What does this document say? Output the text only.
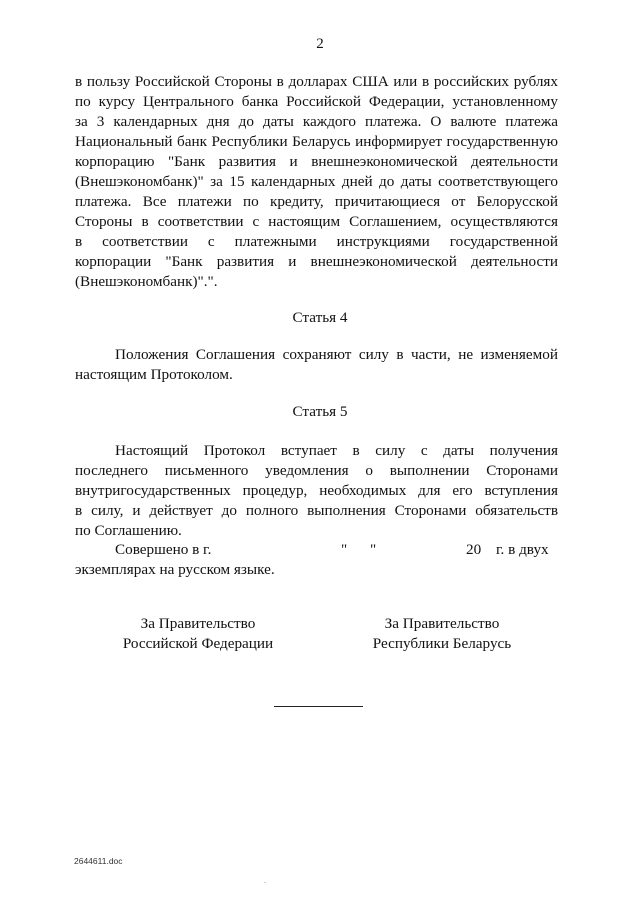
2
в пользу Российской Стороны в долларах США или в российских рублях
по курсу Центрального банка Российской Федерации, установленному
за 3 календарных дня до даты каждого платежа. О валюте платежа
Национальный банк Республики Беларусь информирует государственную
корпорацию "Банк развития и внешнеэкономической деятельности
(Внешэкономбанк)" за 15 календарных дней до даты соответствующего
платежа. Все платежи по кредиту, причитающиеся от Белорусской
Стороны в соответствии с настоящим Соглашением, осуществляются
в соответствии с платежными инструкциями государственной
корпорации "Банк развития и внешнеэкономической деятельности
(Внешэкономбанк)".".
Статья 4
Положения Соглашения сохраняют силу в части, не изменяемой
настоящим Протоколом.
Статья 5
Настоящий Протокол вступает в силу с даты получения
последнего письменного уведомления о выполнении Сторонами
внутригосударственных процедур, необходимых для его вступления
в силу, и действует до полного выполнения Сторонами обязательств
по Соглашению.
Совершено в г.	" "	20 г. в двух
экземплярах на русском языке.
За Правительство
Российской Федерации
За Правительство
Республики Беларусь
2644611.doc
.
